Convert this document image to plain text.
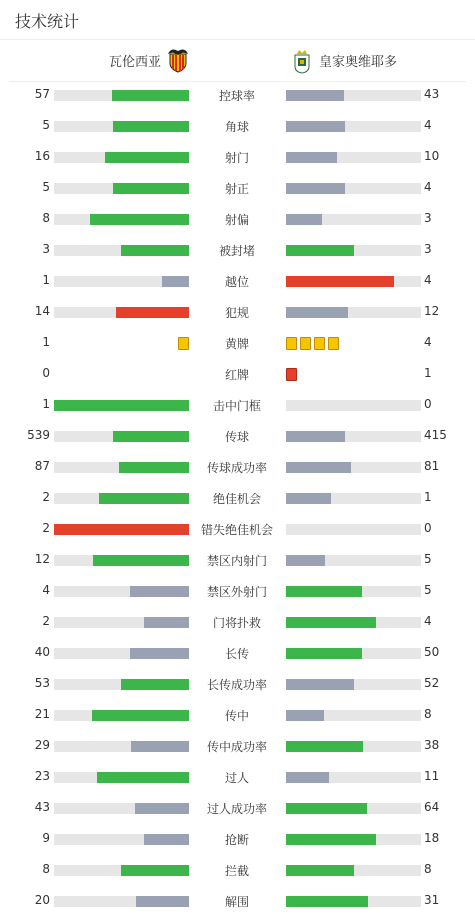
技术统计
瓦伦西亚	皇家奥维耶多
57	控球率	43
5	角球	4
16	射门	10
5	射正	4
8	射偏	3
3	被封堵	3
1	越位	4
14	犯规	12
1	黄牌	4
0	红牌	1
1	击中门框	0
539	传球	415
87	传球成功率	81
2	绝佳机会	1
2	错失绝佳机会	0
12	禁区内射门	5
4	禁区外射门	5
2	门将扑救	4
40	长传	50
53	长传成功率	52
21	传中	8
29	传中成功率	38
23	过人	11
43	过人成功率	64
9	抢断	18
8	拦截	8
20	解围	31
